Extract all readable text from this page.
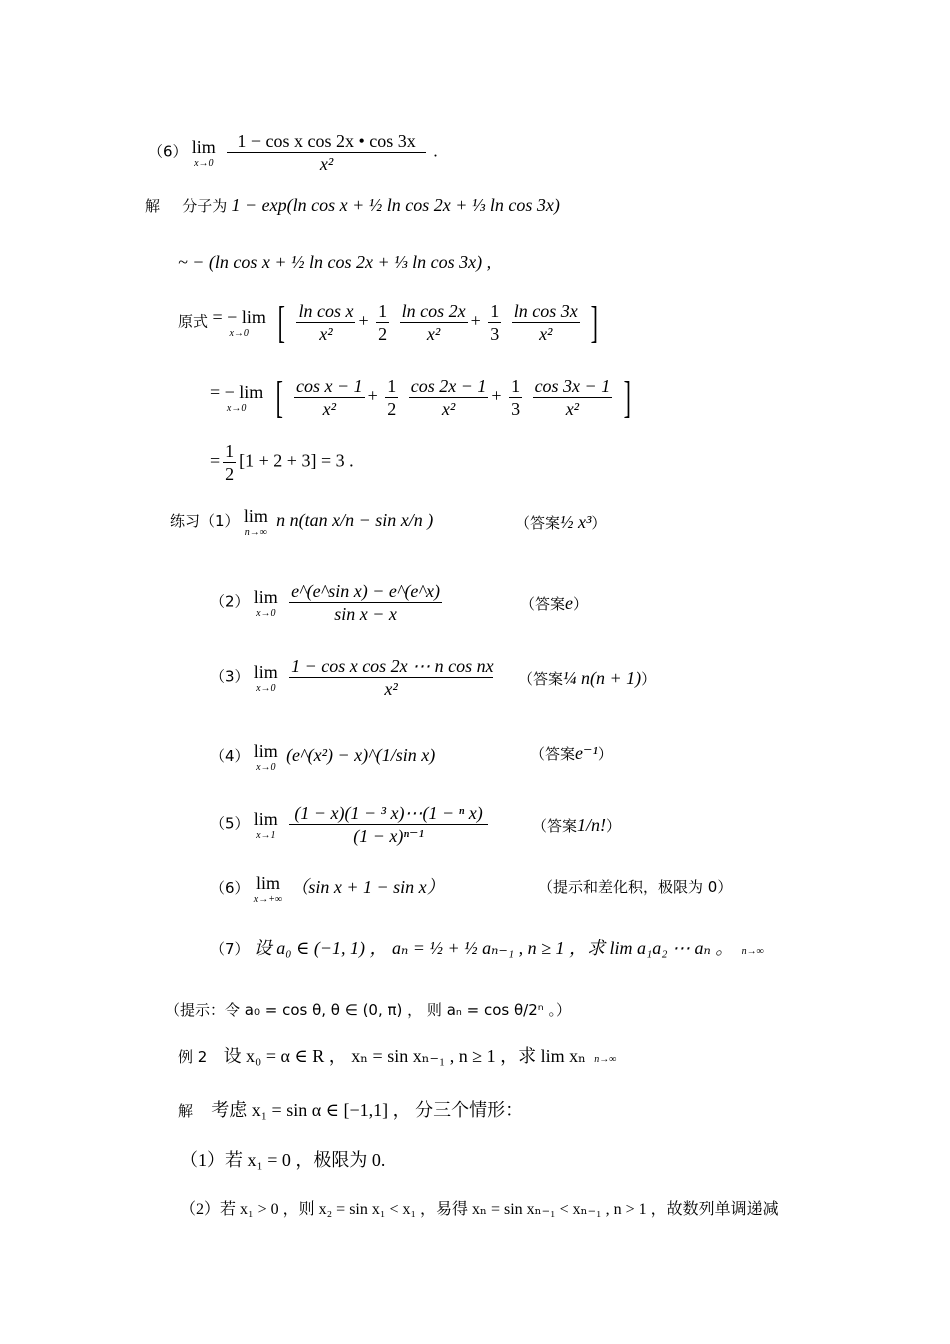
（6） lim
x→0
$\frac{\text{1 − cos x cos 2x • cos 3x}}{\text{x²}}$ .
解 分子为 1 − exp(ln cos x + ½ ln cos 2x + ⅓ ln cos 3x)
~ − (ln cos x + ½ ln cos 2x + ⅓ ln cos 3x) ,
原式 = − lim
x→0 [ $\frac{\text{ln cos x}}{\text{x²}} + \frac{1}{2}$
$\frac{\text{ln cos 2x}}{\text{x²}} + \frac{1}{3}$
$\frac{\text{ln cos 3x}}{\text{x²}}$ ]
= − lim
x→0 [ $\frac{\text{cos x − 1}}{\text{x²}} + \frac{1}{2}$
$\frac{\cos 2x - 1}{\text{x²}} + \frac{1}{3}$
$\frac{\cos 3x - 1}{\text{x²}}$ ]
= $\frac{1}{2} [1 + 2 + 3] = 3$ .
练习（1） lim
n→∞
n n(tan x/n − sin x/n )	（答案½ x³）
（2） lim
x→0
$\frac{\text{e\textasciicircum{}(e\textasciicircum{}sin x) − e\textasciicircum{}(e\textasciicircum{}x)}}{\text{sin x − x}}$	（答案e）
（3） lim
x→0
$\frac{\text{1 − cos x cos 2x ⋯ n cos nx}}{\text{x²}}$ （答案¼ n(n + 1)）
（4） lim
x→0
(e^(x²) − x)^(1/sin x)	（答案e⁻¹）
（5） lim
x→1
$\frac{\text{(1 − x)(1 − ³ x)⋯(1 − ⁿ x)}}{\text{(1 − x)ⁿ⁻¹}}$	（答案1/n!）
（6） lim
x→+∞
（sin x + 1 − sin x）	（提示和差化积，极限为 0）
（7） 设 a₀ ∈ (−1, 1) ， aₙ = ½ + ½ aₙ₋₁ , n ≥ 1 ，求 lim a₁a₂ ⋯ aₙ 。 n→∞
（提示：令 a₀ = cos θ, θ ∈ (0, π) ， 则 aₙ = cos θ/2ⁿ 。）
例 2 设 x₀ = α ∈ R ， xₙ = sin xₙ₋₁ , n ≥ 1 ，求 lim xₙ n→∞
解 考虑 x₁ = sin α ∈ [−1,1] ， 分三个情形：
（1）若 x₁ = 0 ，极限为 0.
（2）若 x₁ > 0 ，则 x₂ = sin x₁ < x₁ ，易得 xₙ = sin xₙ₋₁ < xₙ₋₁ , n > 1 ，故数列单调递减
